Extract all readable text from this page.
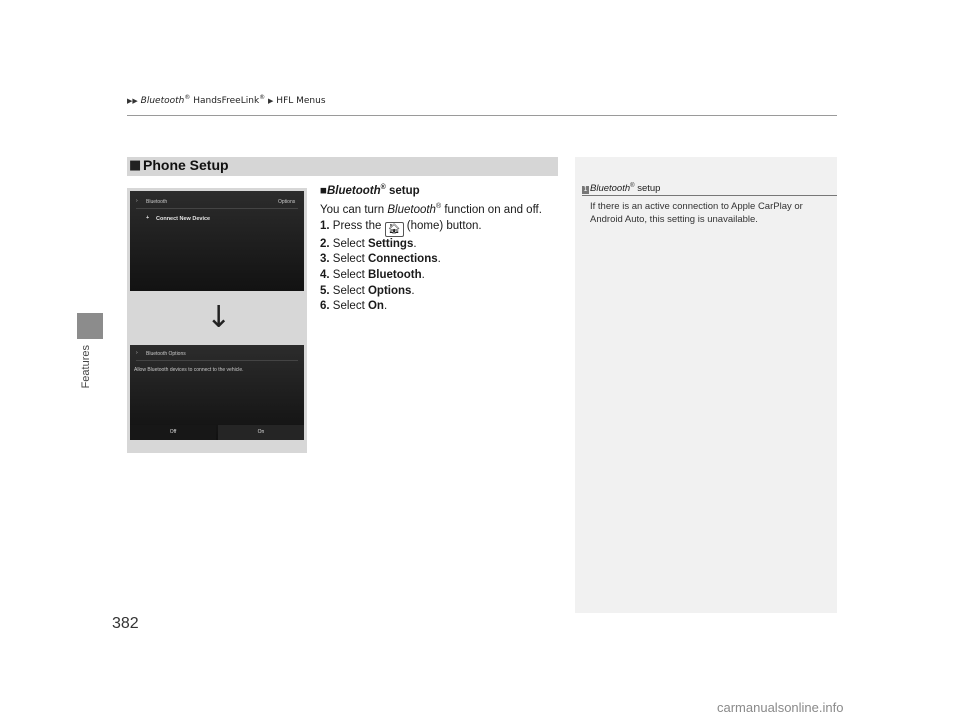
▶▶ Bluetooth® HandsFreeLink® ▶ HFL Menus
Features
382
■ Phone Setup
› Bluetooth	Options
+ Connect New Device
↓
› Bluetooth Options
Allow Bluetooth devices to connect to the vehicle.
Off	On
■Bluetooth® setup
You can turn Bluetooth® function on and off.
1. Press the 🏠︎ (home) button.
2. Select Settings.
3. Select Connections.
4. Select Bluetooth.
5. Select Options.
6. Select On.
1 Bluetooth® setup
If there is an active connection to Apple CarPlay or Android Auto, this setting is unavailable.
carmanualsonline.info
